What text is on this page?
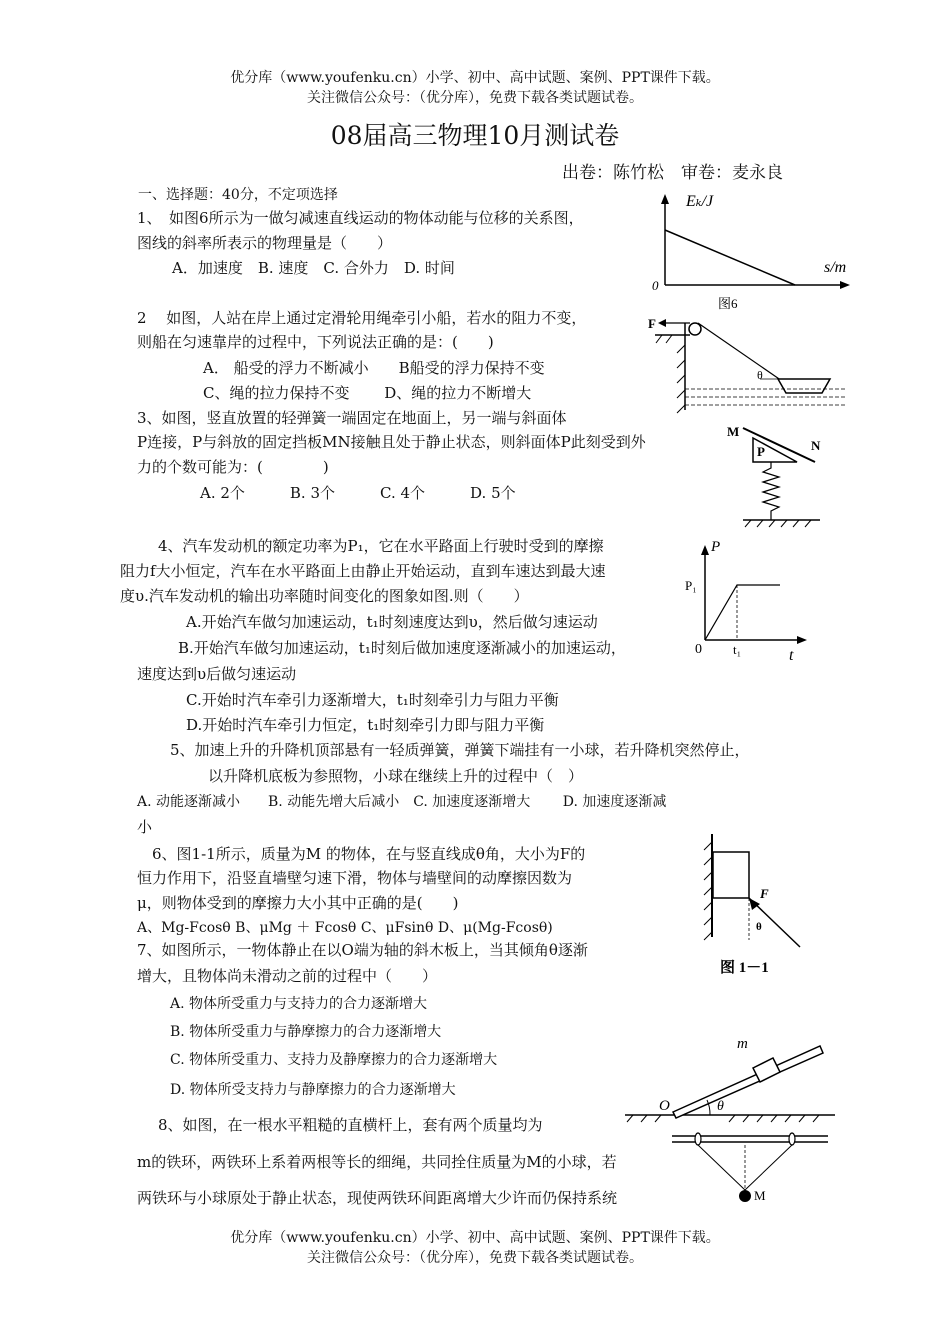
优分库（www.youfenku.cn）小学、初中、高中试题、案例、PPT课件下载。
关注微信公众号：（优分库），免费下载各类试题试卷。
08届高三物理10月测试卷
出卷：陈竹松　审卷：麦永良
一、选择题：40分，不定项选择
1、　如图6所示为一做匀减速直线运动的物体动能与位移的关系图，
图线的斜率所表示的物理量是（　　）
A．加速度　B. 速度　C. 合外力　D. 时间
Eₖ/J
s/m
0
图6
2　 如图，人站在岸上通过定滑轮用绳牵引小船，若水的阻力不变，
则船在匀速靠岸的过程中，下列说法正确的是：(　　)
A． 船受的浮力不断减小　　B船受的浮力保持不变
C、绳的拉力保持不变　　 D、绳的拉力不断增大
F
θ
3、如图，竖直放置的轻弹簧一端固定在地面上，另一端与斜面体
P连接，P与斜放的固定挡板MN接触且处于静止状态，则斜面体P此刻受到外
力的个数可能为：(　　　　)
A. 2个　　　B. 3个　　　C. 4个　　　D. 5个
M
N
P
4、汽车发动机的额定功率为P₁，它在水平路面上行驶时受到的摩擦
阻力f大小恒定，汽车在水平路面上由静止开始运动，直到车速达到最大速
度υ.汽车发动机的输出功率随时间变化的图象如图.则（　　）
A.开始汽车做匀加速运动，t₁时刻速度达到υ，然后做匀速运动
B.开始汽车做匀加速运动，t₁时刻后做加速度逐渐减小的加速运动，
速度达到υ后做匀速运动
C.开始时汽车牵引力逐渐增大，t₁时刻牵引力与阻力平衡
D.开始时汽车牵引力恒定，t₁时刻牵引力即与阻力平衡
P
P₁
0 t₁	t
5、加速上升的升降机顶部悬有一轻质弹簧，弹簧下端挂有一小球，若升降机突然停止，
以升降机底板为参照物，小球在继续上升的过程中（　）
A. 动能逐渐减小　　B. 动能先增大后减小　C. 加速度逐渐增大　　 D. 加速度逐渐减
小
6、图1-1所示，质量为M 的物体，在与竖直线成θ角，大小为F的
恒力作用下，沿竖直墙壁匀速下滑，物体与墙壁间的动摩擦因数为
μ，则物体受到的摩擦力大小其中正确的是(　　)
A、Mg-Fcosθ B、μMg ＋ Fcosθ C、μFsinθ D、μ(Mg-Fcosθ)
F
θ
图 1－1
7、如图所示，一物体静止在以O端为轴的斜木板上，当其倾角θ逐渐
增大，且物体尚未滑动之前的过程中（　　）
A. 物体所受重力与支持力的合力逐渐增大
B. 物体所受重力与静摩擦力的合力逐渐增大
C. 物体所受重力、支持力及静摩擦力的合力逐渐增大
D. 物体所受支持力与静摩擦力的合力逐渐增大
m
O	θ
8、如图，在一根水平粗糙的直横杆上，套有两个质量均为
m的铁环，两铁环上系着两根等长的细绳，共同拴住质量为M的小球，若
两铁环与小球原处于静止状态，现使两铁环间距离增大少许而仍保持系统	M
优分库（www.youfenku.cn）小学、初中、高中试题、案例、PPT课件下载。
关注微信公众号：（优分库），免费下载各类试题试卷。
